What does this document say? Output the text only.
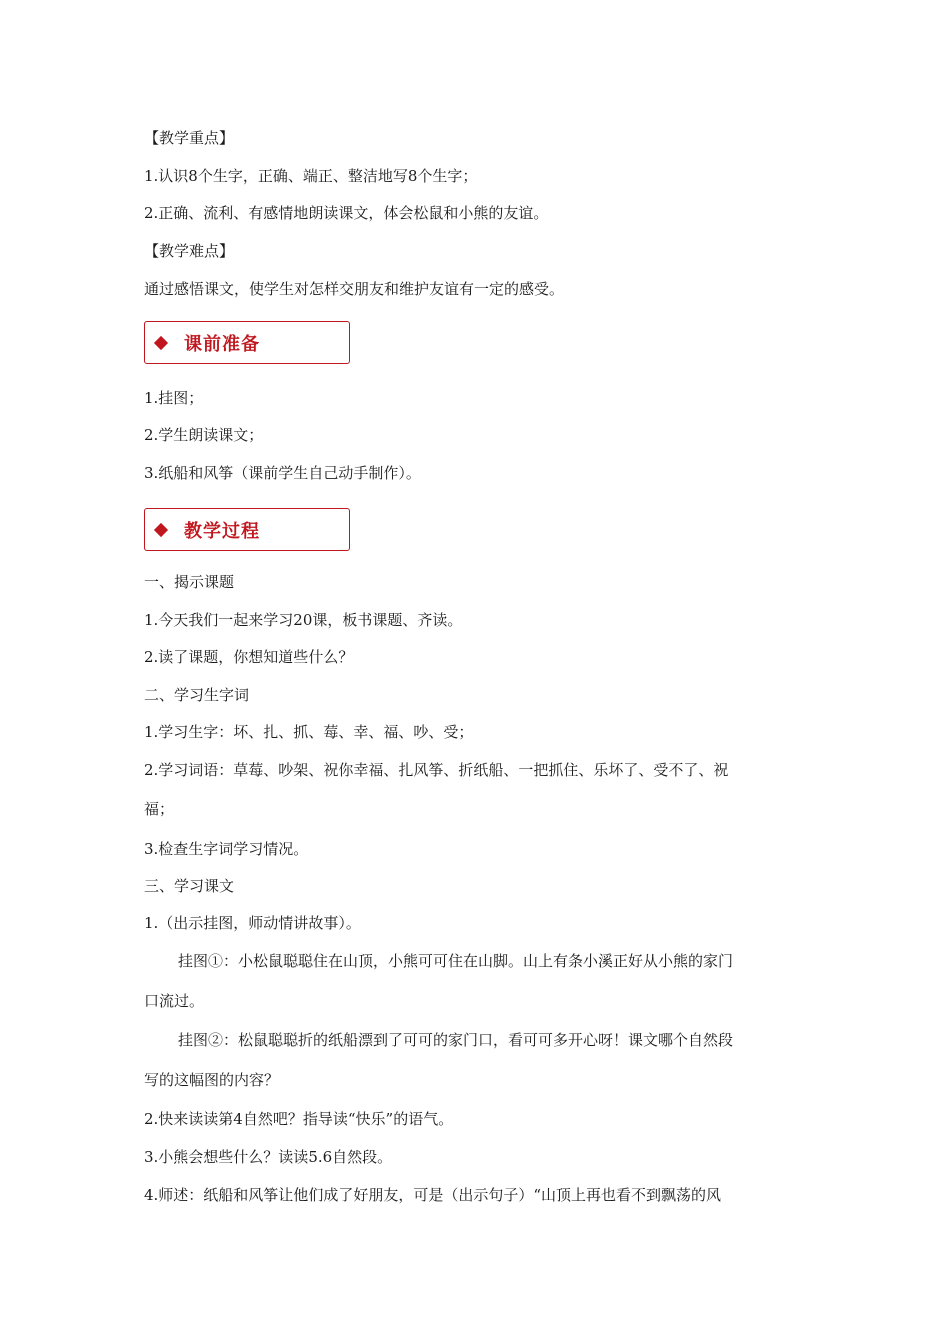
【教学重点】
1.认识8个生字，正确、端正、整洁地写8个生字；
2.正确、流利、有感情地朗读课文，体会松鼠和小熊的友谊。
【教学难点】
通过感悟课文，使学生对怎样交朋友和维护友谊有一定的感受。
课前准备
1.挂图；
2.学生朗读课文；
3.纸船和风筝（课前学生自己动手制作）。
教学过程
一、揭示课题
1.今天我们一起来学习20课，板书课题、齐读。
2.读了课题，你想知道些什么？
二、学习生字词
1.学习生字：坏、扎、抓、莓、幸、福、吵、受；
2.学习词语：草莓、吵架、祝你幸福、扎风筝、折纸船、一把抓住、乐坏了、受不了、祝
福；
3.检查生字词学习情况。
三、学习课文
1.（出示挂图，师动情讲故事）。
挂图①：小松鼠聪聪住在山顶，小熊可可住在山脚。山上有条小溪正好从小熊的家门
口流过。
挂图②：松鼠聪聪折的纸船漂到了可可的家门口，看可可多开心呀！课文哪个自然段
写的这幅图的内容？
2.快来读读第4自然吧？指导读“快乐”的语气。
3.小熊会想些什么？读读5.6自然段。
4.师述：纸船和风筝让他们成了好朋友，可是（出示句子）“山顶上再也看不到飘荡的风
